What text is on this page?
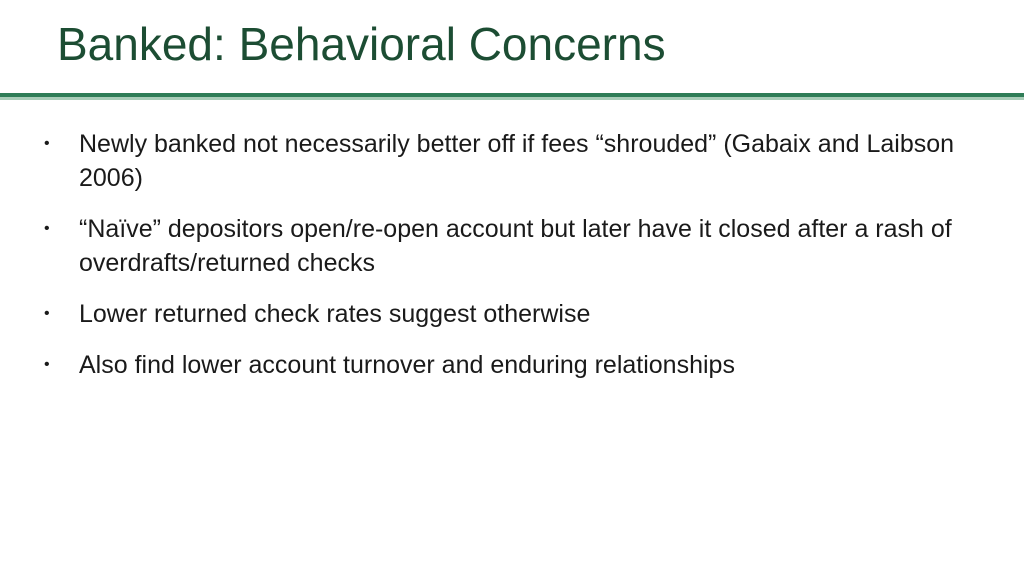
Banked: Behavioral Concerns
• Newly banked not necessarily better off if fees “shrouded” (Gabaix and Laibson 2006)
• “Naïve” depositors open/re-open account but later have it closed after a rash of overdrafts/returned checks
• Lower returned check rates suggest otherwise
• Also find lower account turnover and enduring relationships
